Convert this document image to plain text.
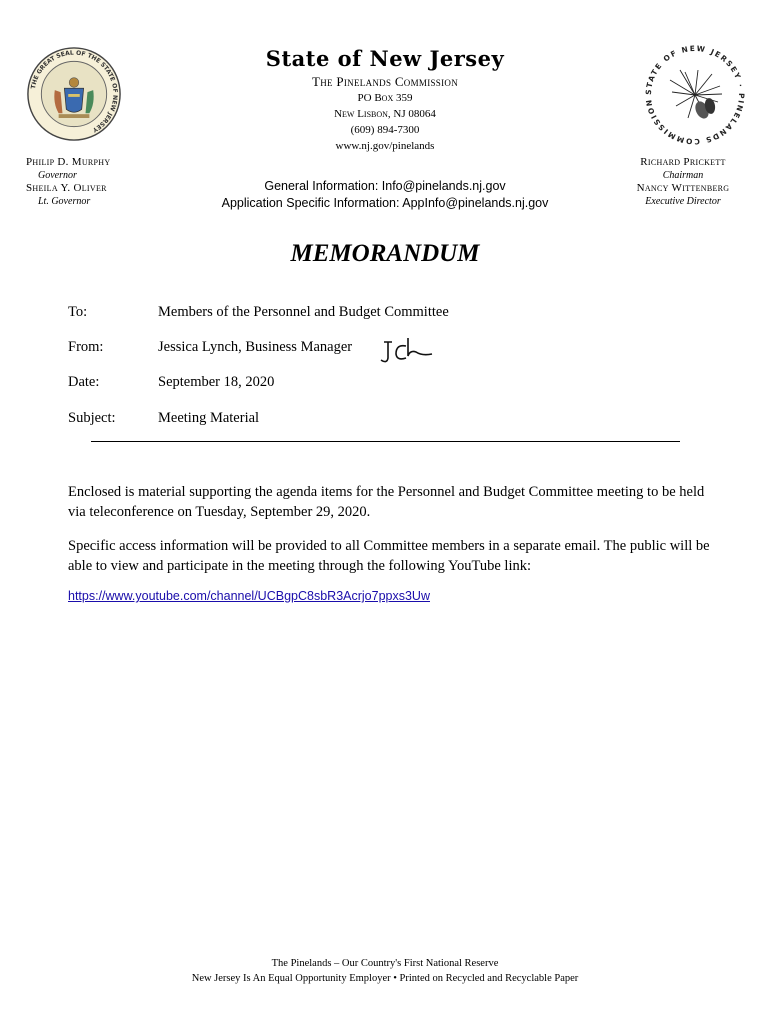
THE GREAT SEAL OF THE STATE OF NEW JERSEY
STATE OF NEW JERSEY · PINELANDS COMMISSION
State of New Jersey
The Pinelands Commission
PO Box 359
New Lisbon, NJ 08064
(609) 894-7300
www.nj.gov/pinelands
Philip D. Murphy
Governor
Sheila Y. Oliver
Lt. Governor
Richard Prickett
Chairman
Nancy Wittenberg
Executive Director
General Information: Info@pinelands.nj.gov
Application Specific Information: AppInfo@pinelands.nj.gov
MEMORANDUM
To:	Members of the Personnel and Budget Committee
From:	Jessica Lynch, Business Manager
Date:	September 18, 2020
Subject:	Meeting Material
Enclosed is material supporting the agenda items for the Personnel and Budget Committee meeting to be held via teleconference on Tuesday, September 29, 2020.
Specific access information will be provided to all Committee members in a separate email. The public will be able to view and participate in the meeting through the following YouTube link:
https://www.youtube.com/channel/UCBgpC8sbR3Acrjo7ppxs3Uw
The Pinelands – Our Country's First National Reserve
New Jersey Is An Equal Opportunity Employer • Printed on Recycled and Recyclable Paper
